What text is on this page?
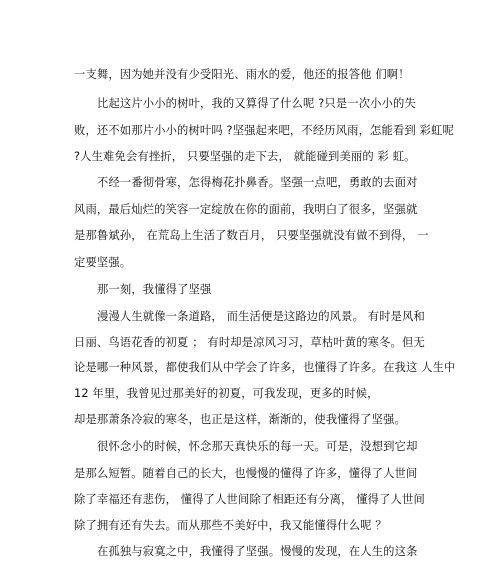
一支舞，因为她并没有少受阳光、雨水的爱，他还的报答他 们啊！
比起这片小小的树叶，我的又算得了什么呢 ?只是一次小小的失
败，还不如那片小小的树叶吗 ?坚强起来吧，不经历风雨，怎能看到 彩虹呢
?人生难免会有挫折， 只要坚强的走下去， 就能碰到美丽的 彩 虹。
不经一番彻骨寒，怎得梅花扑鼻香。坚强一点吧，勇敢的去面对
风雨，最后灿烂的笑容一定绽放在你的面前，我明白了很多，坚强就
是那鲁斌孙， 在荒岛上生活了数百月， 只要坚强就没有做不到得， 一
定要坚强。
那一刻，我懂得了坚强
漫漫人生就像一条道路， 而生活便是这路边的风景。 有时是风和
日丽、鸟语花香的初夏 ； 有时却是凉风习习，草枯叶黄的寒冬。但无
论是哪一种风景，都使我们从中学会了许多，也懂得了许多。在我这 人生中
12 年里，我曾见过那美好的初夏，可我发现，更多的时候，
却是那萧条冷寂的寒冬，也正是这样，渐渐的，使我懂得了坚强。
很怀念小的时候，怀念那天真快乐的每一天。可是，没想到它却
是那么短暂。随着自己的长大，也慢慢的懂得了许多，懂得了人世间
除了幸福还有悲伤， 懂得了人世间除了相距还有分离， 懂得了人世间
除了拥有还有失去。而从那些不美好中，我又能懂得什么呢 ？
在孤独与寂寞之中，我懂得了坚强。慢慢的发现，在人生的这条
